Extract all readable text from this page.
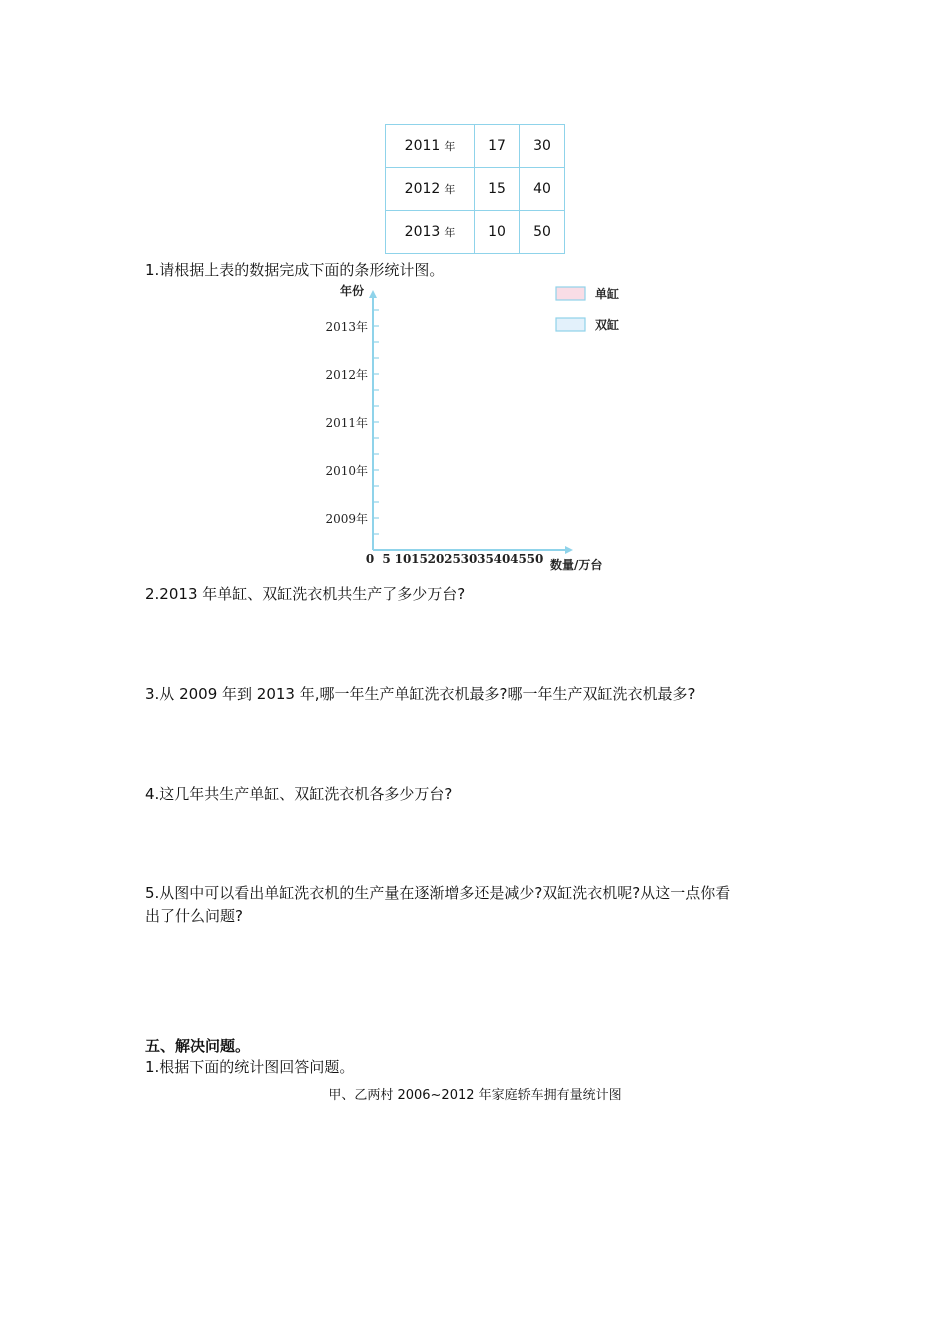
2011 年	17	30
2012 年	15	40
2013 年	10	50
1.请根据上表的数据完成下面的条形统计图。
2009年
2010年
2011年
2012年
2013年
0 5 10 15 20 25 30 35 40 45 50
年份
数量/万台
单缸
双缸
2.2013 年单缸、双缸洗衣机共生产了多少万台?
3.从 2009 年到 2013 年,哪一年生产单缸洗衣机最多?哪一年生产双缸洗衣机最多?
4.这几年共生产单缸、双缸洗衣机各多少万台?
5.从图中可以看出单缸洗衣机的生产量在逐渐增多还是减少?双缸洗衣机呢?从这一点你看
出了什么问题?
五、解决问题。
1.根据下面的统计图回答问题。
甲、乙两村 2006~2012 年家庭轿车拥有量统计图
